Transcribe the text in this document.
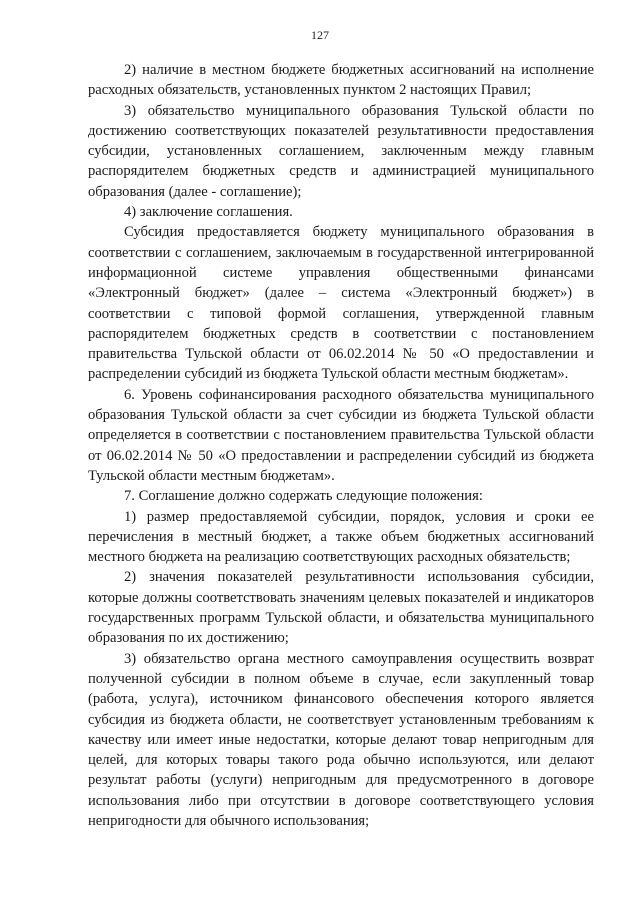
127

2) наличие в местном бюджете бюджетных ассигнований на исполнение расходных обязательств, установленных пунктом 2 настоящих Правил;

3) обязательство муниципального образования Тульской области по достижению соответствующих показателей результативности предоставления субсидии, установленных соглашением, заключенным между главным распорядителем бюджетных средств и администрацией муниципального образования (далее - соглашение);

4) заключение соглашения.

Субсидия предоставляется бюджету муниципального образования в соответствии с соглашением, заключаемым в государственной интегрированной информационной системе управления общественными финансами «Электронный бюджет» (далее – система «Электронный бюджет») в соответствии с типовой формой соглашения, утвержденной главным распорядителем бюджетных средств в соответствии с постановлением правительства Тульской области от 06.02.2014 № 50 «О предоставлении и распределении субсидий из бюджета Тульской области местным бюджетам».

6. Уровень софинансирования расходного обязательства муниципального образования Тульской области за счет субсидии из бюджета Тульской области определяется в соответствии с постановлением правительства Тульской области от 06.02.2014 № 50 «О предоставлении и распределении субсидий из бюджета Тульской области местным бюджетам».

7. Соглашение должно содержать следующие положения:

1) размер предоставляемой субсидии, порядок, условия и сроки ее перечисления в местный бюджет, а также объем бюджетных ассигнований местного бюджета на реализацию соответствующих расходных обязательств;

2) значения показателей результативности использования субсидии, которые должны соответствовать значениям целевых показателей и индикаторов государственных программ Тульской области, и обязательства муниципального образования по их достижению;

3) обязательство органа местного самоуправления осуществить возврат полученной субсидии в полном объеме в случае, если закупленный товар (работа, услуга), источником финансового обеспечения которого является субсидия из бюджета области, не соответствует установленным требованиям к качеству или имеет иные недостатки, которые делают товар непригодным для целей, для которых товары такого рода обычно используются, или делают результат работы (услуги) непригодным для предусмотренного в договоре использования либо при отсутствии в договоре соответствующего условия непригодности для обычного использования;
